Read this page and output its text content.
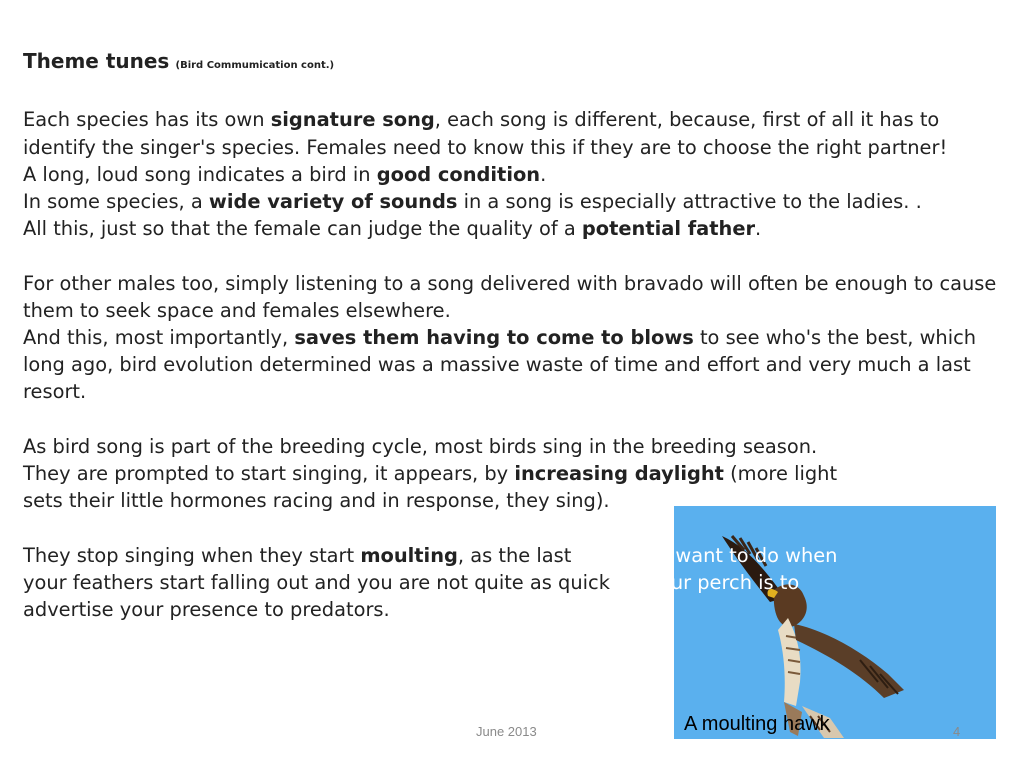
A moulting hawk

Theme tunes (Bird Commumication cont.)

Each species has its own signature song, each song is different, because, first of all it has to identify the singer's species. Females need to know this if they are to choose the right partner!

A long, loud song indicates a bird in good condition.

In some species, a wide variety of sounds in a song is especially attractive to the ladies. .

All this, just so that the female can judge the quality of a potential father.

For other males too, simply listening to a song delivered with bravado will often be enough to cause them to seek space and females elsewhere.

And this, most importantly, saves them having to come to blows to see who's the best, which long ago, bird evolution determined was a massive waste of time and effort and very much a last resort.

As bird song is part of the breeding cycle, most birds sing in the breeding season.
They are prompted to start singing, it appears, by increasing daylight (more light
sets their little hormones racing and in response, they sing).

They stop singing when they start moulting, as the last thing you want to do when
your feathers start falling out and you are not quite as quick off your perch is to
advertise your presence to predators.

June 2013	4
